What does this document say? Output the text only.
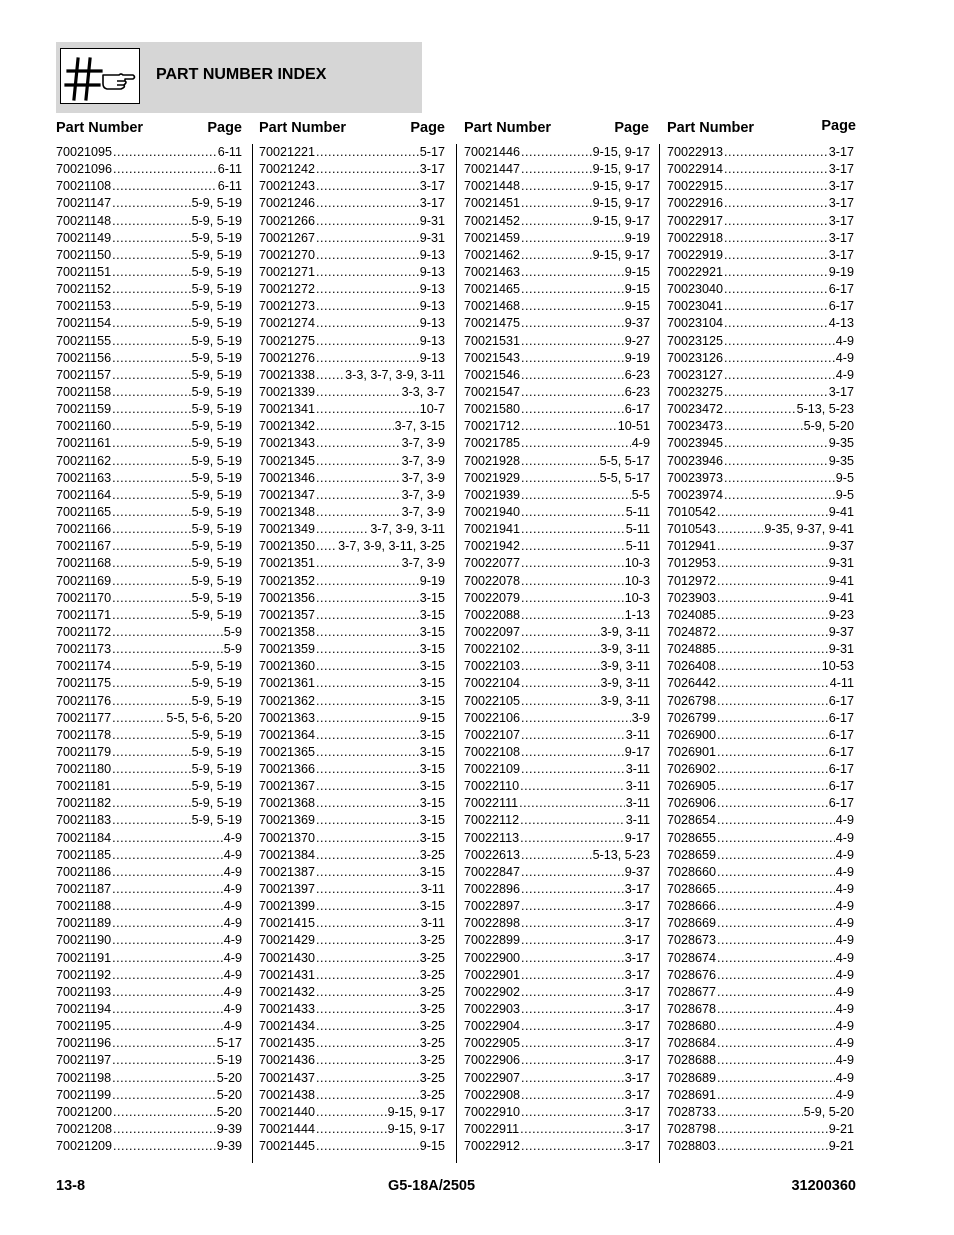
PART NUMBER INDEX
Part Number	Page Part Number	Page Part Number	Page Part Number	Page
70021095 .....	6-11
70021096 .....	6-11
70021108 .....	6-11
70021147 .....	5-9, 5-19
70021148 .....	5-9, 5-19
70021149 .....	5-9, 5-19
70021150 .....	5-9, 5-19
70021151 .....	5-9, 5-19
70021152 .....	5-9, 5-19
70021153 .....	5-9, 5-19
70021154 .....	5-9, 5-19
70021155 .....	5-9, 5-19
70021156 .....	5-9, 5-19
70021157 .....	5-9, 5-19
70021158 .....	5-9, 5-19
70021159 .....	5-9, 5-19
70021160 .....	5-9, 5-19
70021161 .....	5-9, 5-19
70021162 .....	5-9, 5-19
70021163 .....	5-9, 5-19
70021164 .....	5-9, 5-19
70021165 .....	5-9, 5-19
70021166 .....	5-9, 5-19
70021167 .....	5-9, 5-19
70021168 .....	5-9, 5-19
70021169 .....	5-9, 5-19
70021170 .....	5-9, 5-19
70021171 .....	5-9, 5-19
70021172 .....	5-9
70021173 .....	5-9
70021174 .....	5-9, 5-19
70021175 .....	5-9, 5-19
70021176 .....	5-9, 5-19
70021177 .....	5-5, 5-6, 5-20
70021178 .....	5-9, 5-19
70021179 .....	5-9, 5-19
70021180 .....	5-9, 5-19
70021181 .....	5-9, 5-19
70021182 .....	5-9, 5-19
70021183 .....	5-9, 5-19
70021184 .....	4-9
70021185 .....	4-9
70021186 .....	4-9
70021187 .....	4-9
70021188 .....	4-9
70021189 .....	4-9
70021190 .....	4-9
70021191 .....	4-9
70021192 .....	4-9
70021193 .....	4-9
70021194 .....	4-9
70021195 .....	4-9
70021196 .....	5-17
70021197 .....	5-19
70021198 .....	5-20
70021199 .....	5-20
70021200 .....	5-20
70021208 .....	9-39
70021209 .....	9-39
70021221 .....	5-17
70021242 .....	3-17
70021243 .....	3-17
70021246 .....	3-17
70021266 .....	9-31
70021267 .....	9-31
70021270 .....	9-13
70021271 .....	9-13
70021272 .....	9-13
70021273 .....	9-13
70021274 .....	9-13
70021275 .....	9-13
70021276 .....	9-13
70021338 ..... 3-3, 3-7, 3-9, 3-11
70021339 .....	3-3, 3-7
70021341 .....	10-7
70021342 .....	3-7, 3-15
70021343 .....	3-7, 3-9
70021345 .....	3-7, 3-9
70021346 .....	3-7, 3-9
70021347 .....	3-7, 3-9
70021348 .....	3-7, 3-9
70021349 .....	3-7, 3-9, 3-11
70021350 ..... 3-7, 3-9, 3-11, 3-25
70021351 .....	3-7, 3-9
70021352 .....	9-19
70021356 .....	3-15
70021357 .....	3-15
70021358 .....	3-15
70021359 .....	3-15
70021360 .....	3-15
70021361 .....	3-15
70021362 .....	3-15
70021363 .....	9-15
70021364 .....	3-15
70021365 .....	3-15
70021366 .....	3-15
70021367 .....	3-15
70021368 .....	3-15
70021369 .....	3-15
70021370 .....	3-15
70021384 .....	3-25
70021387 .....	3-15
70021397 .....	3-11
70021399 .....	3-15
70021415 .....	3-11
70021429 .....	3-25
70021430 .....	3-25
70021431 .....	3-25
70021432 .....	3-25
70021433 .....	3-25
70021434 .....	3-25
70021435 .....	3-25
70021436 .....	3-25
70021437 .....	3-25
70021438 .....	3-25
70021440 .....	9-15, 9-17
70021444 .....	9-15, 9-17
70021445 .....	9-15
70021446 .....	9-15, 9-17
70021447 .....	9-15, 9-17
70021448 .....	9-15, 9-17
70021451 .....	9-15, 9-17
70021452 .....	9-15, 9-17
70021459 .....	9-19
70021462 .....	9-15, 9-17
70021463 .....	9-15
70021465 .....	9-15
70021468 .....	9-15
70021475 .....	9-37
70021531 .....	9-27
70021543 .....	9-19
70021546 .....	6-23
70021547 .....	6-23
70021580 .....	6-17
70021712 .....	10-51
70021785 .....	4-9
70021928 .....	5-5, 5-17
70021929 .....	5-5, 5-17
70021939 .....	5-5
70021940 .....	5-11
70021941 .....	5-11
70021942 .....	5-11
70022077 .....	10-3
70022078 .....	10-3
70022079 .....	10-3
70022088 .....	1-13
70022097 .....	3-9, 3-11
70022102 .....	3-9, 3-11
70022103 .....	3-9, 3-11
70022104 .....	3-9, 3-11
70022105 .....	3-9, 3-11
70022106 .....	3-9
70022107 .....	3-11
70022108 .....	9-17
70022109 .....	3-11
70022110 .....	3-11
70022111 .....	3-11
70022112 .....	3-11
70022113 .....	9-17
70022613 .....	5-13, 5-23
70022847 .....	9-37
70022896 .....	3-17
70022897 .....	3-17
70022898 .....	3-17
70022899 .....	3-17
70022900 .....	3-17
70022901 .....	3-17
70022902 .....	3-17
70022903 .....	3-17
70022904 .....	3-17
70022905 .....	3-17
70022906 .....	3-17
70022907 .....	3-17
70022908 .....	3-17
70022910 .....	3-17
70022911 .....	3-17
70022912 .....	3-17
70022913 .....	3-17
70022914 .....	3-17
70022915 .....	3-17
70022916 .....	3-17
70022917 .....	3-17
70022918 .....	3-17
70022919 .....	3-17
70022921 .....	9-19
70023040 .....	6-17
70023041 .....	6-17
70023104 .....	4-13
70023125 .....	4-9
70023126 .....	4-9
70023127 .....	4-9
70023275 .....	3-17
70023472 .....	5-13, 5-23
70023473 .....	5-9, 5-20
70023945 .....	9-35
70023946 .....	9-35
70023973 .....	9-5
70023974 .....	9-5
7010542 .....	9-41
7010543 .....	9-35, 9-37, 9-41
7012941 .....	9-37
7012953 .....	9-31
7012972 .....	9-41
7023903 .....	9-41
7024085 .....	9-23
7024872 .....	9-37
7024885 .....	9-31
7026408 .....	10-53
7026442 .....	4-11
7026798 .....	6-17
7026799 .....	6-17
7026900 .....	6-17
7026901 .....	6-17
7026902 .....	6-17
7026905 .....	6-17
7026906 .....	6-17
7028654 .....	4-9
7028655 .....	4-9
7028659 .....	4-9
7028660 .....	4-9
7028665 .....	4-9
7028666 .....	4-9
7028669 .....	4-9
7028673 .....	4-9
7028674 .....	4-9
7028676 .....	4-9
7028677 .....	4-9
7028678 .....	4-9
7028680 .....	4-9
7028684 .....	4-9
7028688 .....	4-9
7028689 .....	4-9
7028691 .....	4-9
7028733 .....	5-9, 5-20
7028798 .....	9-21
7028803 .....	9-21
13-8	G5-18A/2505	31200360
